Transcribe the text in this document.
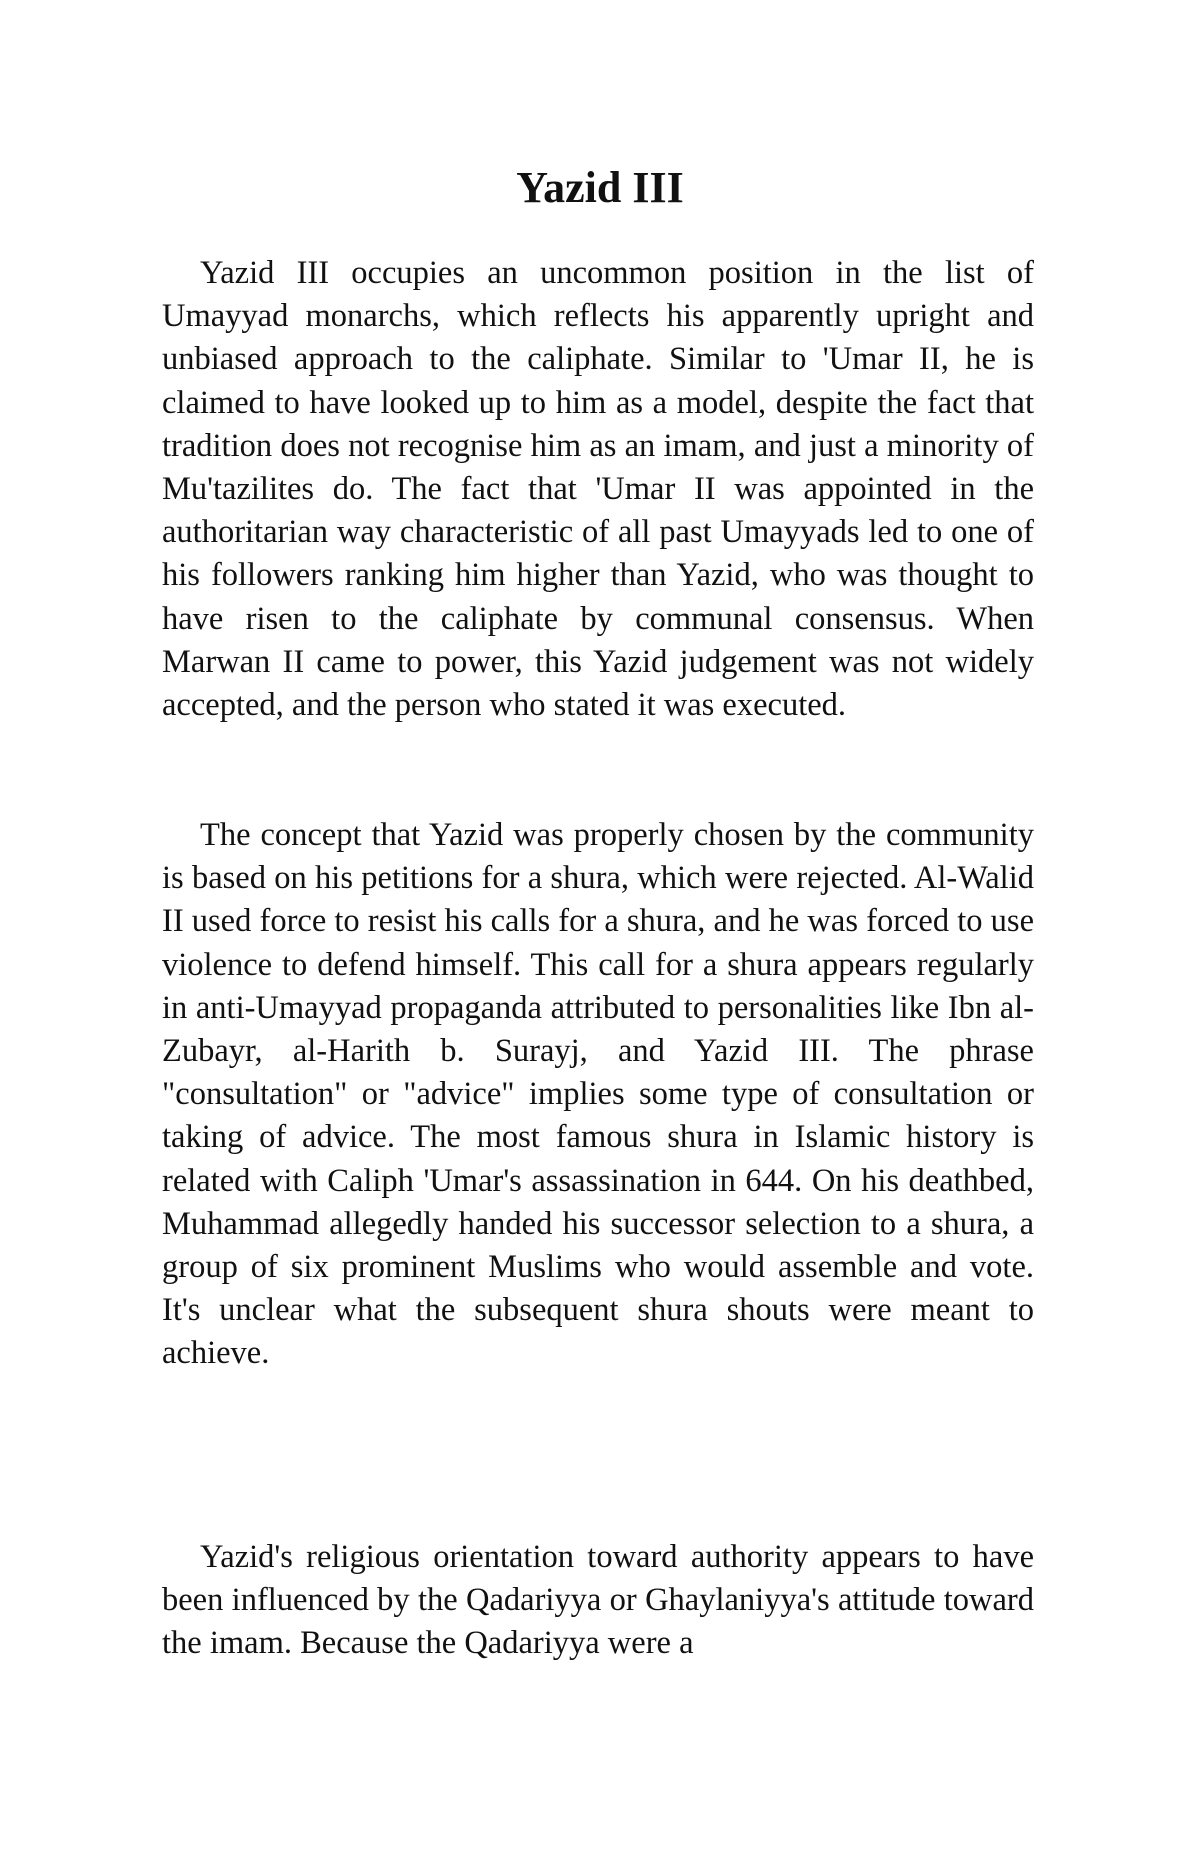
Yazid III

Yazid III occupies an uncommon position in the list of Umayyad monarchs, which reflects his apparently upright and unbiased approach to the caliphate. Similar to 'Umar II, he is claimed to have looked up to him as a model, despite the fact that tradition does not recognise him as an imam, and just a minority of Mu'tazilites do. The fact that 'Umar II was appointed in the authoritarian way characteristic of all past Umayyads led to one of his followers ranking him higher than Yazid, who was thought to have risen to the caliphate by communal consensus. When Marwan II came to power, this Yazid judgement was not widely accepted, and the person who stated it was executed.

The concept that Yazid was properly chosen by the community is based on his petitions for a shura, which were rejected. Al-Walid II used force to resist his calls for a shura, and he was forced to use violence to defend himself. This call for a shura appears regularly in anti-Umayyad propaganda attributed to personalities like Ibn al-Zubayr, al-Harith b. Surayj, and Yazid III. The phrase "consultation" or "advice" implies some type of consultation or taking of advice. The most famous shura in Islamic history is related with Caliph 'Umar's assassination in 644. On his deathbed, Muhammad allegedly handed his successor selection to a shura, a group of six prominent Muslims who would assemble and vote. It's unclear what the subsequent shura shouts were meant to achieve.

Yazid's religious orientation toward authority appears to have been influenced by the Qadariyya or Ghaylaniyya's attitude toward the imam. Because the Qadariyya were a
